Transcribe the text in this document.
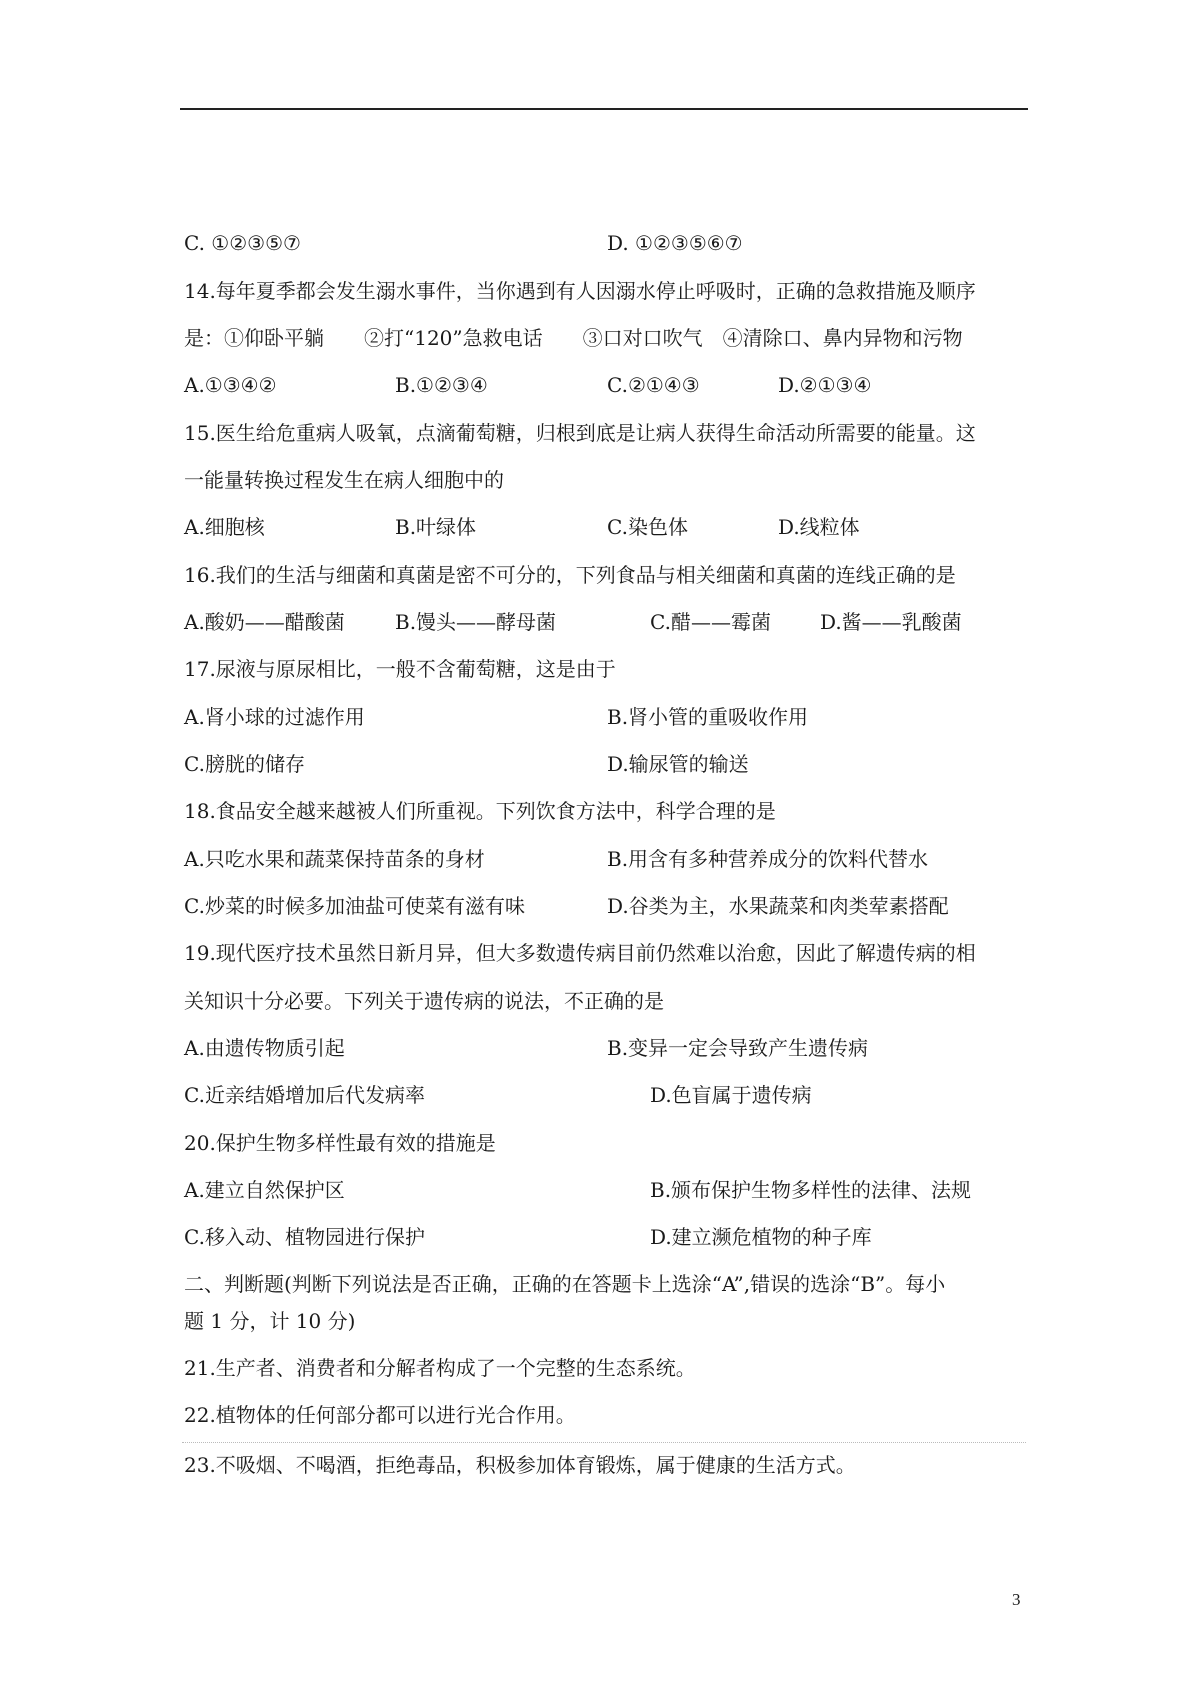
C. ①②③⑤⑦	D. ①②③⑤⑥⑦
14.每年夏季都会发生溺水事件，当你遇到有人因溺水停止呼吸时，正确的急救措施及顺序
是：①仰卧平躺　　②打“120”急救电话　　③口对口吹气　④清除口、鼻内异物和污物
A.①③④②	B.①②③④	C.②①④③	D.②①③④
15.医生给危重病人吸氧，点滴葡萄糖，归根到底是让病人获得生命活动所需要的能量。这
一能量转换过程发生在病人细胞中的
A.细胞核	B.叶绿体	C.染色体	D.线粒体
16.我们的生活与细菌和真菌是密不可分的，下列食品与相关细菌和真菌的连线正确的是
A.酸奶——醋酸菌	B.馒头——酵母菌	C.醋——霉菌 D.酱——乳酸菌
17.尿液与原尿相比，一般不含葡萄糖，这是由于
A.肾小球的过滤作用	B.肾小管的重吸收作用
C.膀胱的储存	D.输尿管的输送
18.食品安全越来越被人们所重视。下列饮食方法中，科学合理的是
A.只吃水果和蔬菜保持苗条的身材	B.用含有多种营养成分的饮料代替水
C.炒菜的时候多加油盐可使菜有滋有味	D.谷类为主，水果蔬菜和肉类荤素搭配
19.现代医疗技术虽然日新月异，但大多数遗传病目前仍然难以治愈，因此了解遗传病的相
关知识十分必要。下列关于遗传病的说法，不正确的是
A.由遗传物质引起	B.变异一定会导致产生遗传病
C.近亲结婚增加后代发病率	D.色盲属于遗传病
20.保护生物多样性最有效的措施是
A.建立自然保护区	B.颁布保护生物多样性的法律、法规
C.移入动、植物园进行保护	D.建立濒危植物的种子库
二、判断题(判断下列说法是否正确，正确的在答题卡上选涂“A”,错误的选涂“B”。每小
题 1 分，计 10 分)
21.生产者、消费者和分解者构成了一个完整的生态系统。
22.植物体的任何部分都可以进行光合作用。
23.不吸烟、不喝酒，拒绝毒品，积极参加体育锻炼，属于健康的生活方式。
3
